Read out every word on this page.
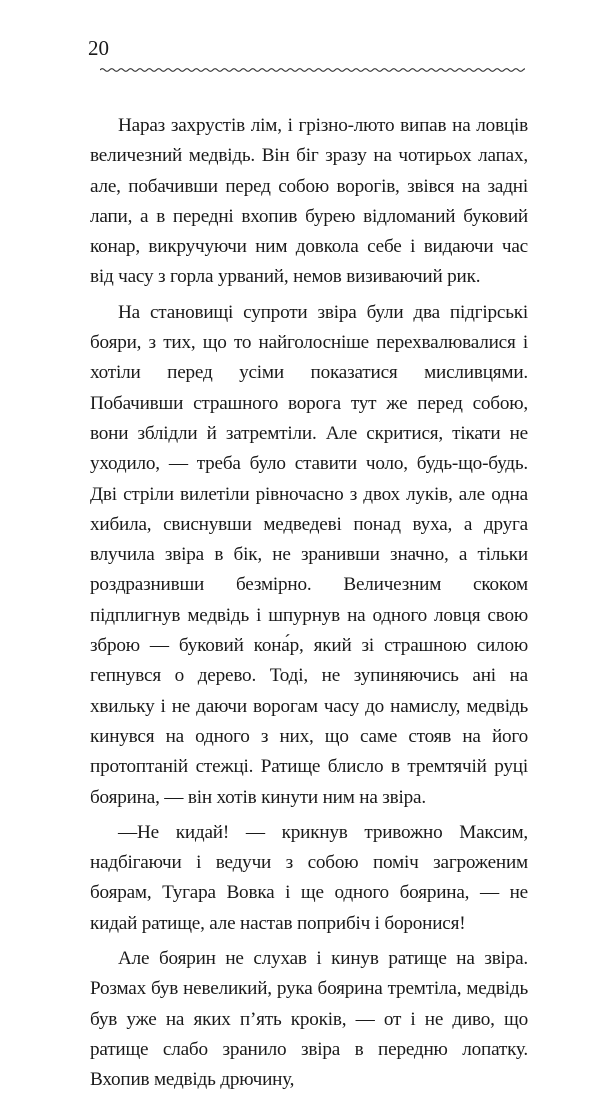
20

Нараз захрустів лім, і грізно-люто випав на ловців величезний медвідь. Він біг зразу на чотирьох лапах, але, побачивши перед собою ворогів, звівся на задні лапи, а в передні вхопив бурею відломаний буковий конар, викручуючи ним довкола себе і видаючи час від часу з горла урваний, немов визиваючий рик.

На становищі супроти звіра були два підгірські бояри, з тих, що то найголосніше перехвалювалися і хотіли перед усіми показатися мисливцями. Побачивши страшного ворога тут же перед собою, вони зблідли й затремтіли. Але скритися, тікати не уходило, — треба було ставити чоло, будь-що-будь. Дві стріли вилетіли рівночасно з двох луків, але одна хибила, свиснувши медведеві понад вуха, а друга влучила звіра в бік, не зранивши значно, а тільки роздразнивши безмірно. Величезним скоком підплигнув медвідь і шпурнув на одного ловця свою зброю — буковий кона́р, який зі страшною силою гепнувся о дерево. Тоді, не зупиняючись ані на хвильку і не даючи ворогам часу до намислу, медвідь кинувся на одного з них, що саме стояв на його протоптаній стежці. Ратище блисло в тремтячій руці боярина, — він хотів кинути ним на звіра.

—Не кидай! — крикнув тривожно Максим, надбігаючи і ведучи з собою поміч загроженим боярам, Тугара Вовка і ще одного боярина, — не кидай ратище, але настав поприбіч і боронися!

Але боярин не слухав і кинув ратище на звіра. Розмах був невеликий, рука боярина тремтіла, медвідь був уже на яких п’ять кроків, — от і не диво, що ратище слабо зранило звіра в передню лопатку. Вхопив медвідь дрючину,
